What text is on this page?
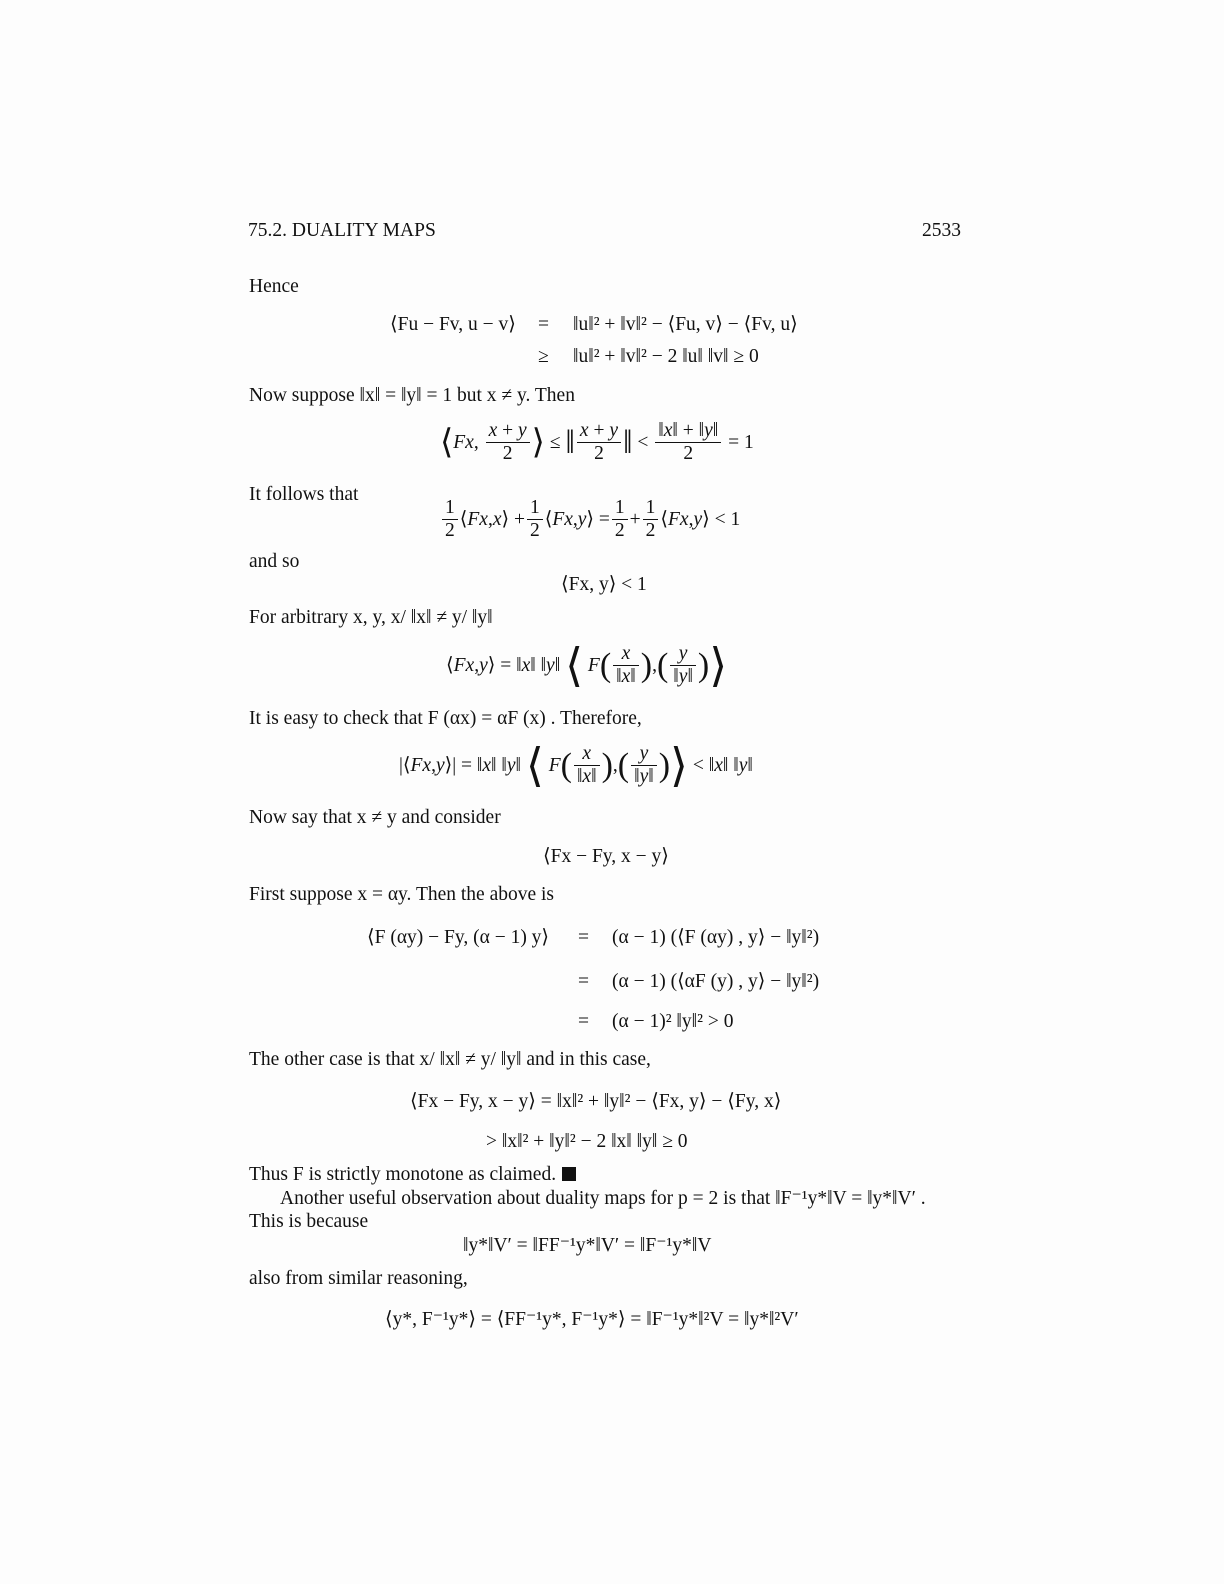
75.2. DUALITY MAPS	2533
Hence
⟨Fu − Fv, u − v⟩ = ‖u‖² + ‖v‖² − ⟨Fu, v⟩ − ⟨Fv, u⟩
≥ ‖u‖² + ‖v‖² − 2 ‖u‖ ‖v‖ ≥ 0
Now suppose ‖x‖ = ‖y‖ = 1 but x ≠ y. Then
⟨ Fx , $\frac{x + y}{2}$ ⟩ ≤ ‖ $\frac{x + y}{2}$ ‖ < $\frac{‖x‖ + ‖y‖}{2} = 1$
It follows that
$\frac{1}{2}$ ⟨ Fx , x ⟩ + $\frac{1}{2}$ ⟨ Fx , y ⟩ = $\frac{1}{2} + \frac{1}{2}$ ⟨ Fx , y ⟩ < 1
and so
⟨Fx, y⟩ < 1
For arbitrary x, y, x/ ‖x‖ ≠ y/ ‖y‖
⟨ Fx , y ⟩ = ‖ x ‖ ‖ y ‖ ⟨
F ( $\frac{x}{‖x‖}$ ) , ( $\frac{y}{‖y‖}$ ) ⟩
It is easy to check that F (αx) = αF (x) . Therefore,
|⟨ Fx , y ⟩| = ‖ x ‖ ‖ y ‖ ⟨
F ( $\frac{x}{‖x‖}$ ) , ( $\frac{y}{‖y‖}$ ) ⟩ < ‖ x ‖ ‖ y ‖
Now say that x ≠ y and consider
⟨Fx − Fy, x − y⟩
First suppose x = αy. Then the above is
⟨F (αy) − Fy, (α − 1) y⟩ = (α − 1) (⟨F (αy) , y⟩ − ‖y‖²)
= (α − 1) (⟨αF (y) , y⟩ − ‖y‖²)
= (α − 1)² ‖y‖² > 0
The other case is that x/ ‖x‖ ≠ y/ ‖y‖ and in this case,
⟨Fx − Fy, x − y⟩ = ‖x‖² + ‖y‖² − ⟨Fx, y⟩ − ⟨Fy, x⟩
> ‖x‖² + ‖y‖² − 2 ‖x‖ ‖y‖ ≥ 0
Thus F is strictly monotone as claimed.
Another useful observation about duality maps for p = 2 is that ‖F⁻¹y*‖V = ‖y*‖V′ .
This is because
‖y*‖V′ = ‖FF⁻¹y*‖V′ = ‖F⁻¹y*‖V
also from similar reasoning,
⟨y*, F⁻¹y*⟩ = ⟨FF⁻¹y*, F⁻¹y*⟩ = ‖F⁻¹y*‖²V = ‖y*‖²V′
